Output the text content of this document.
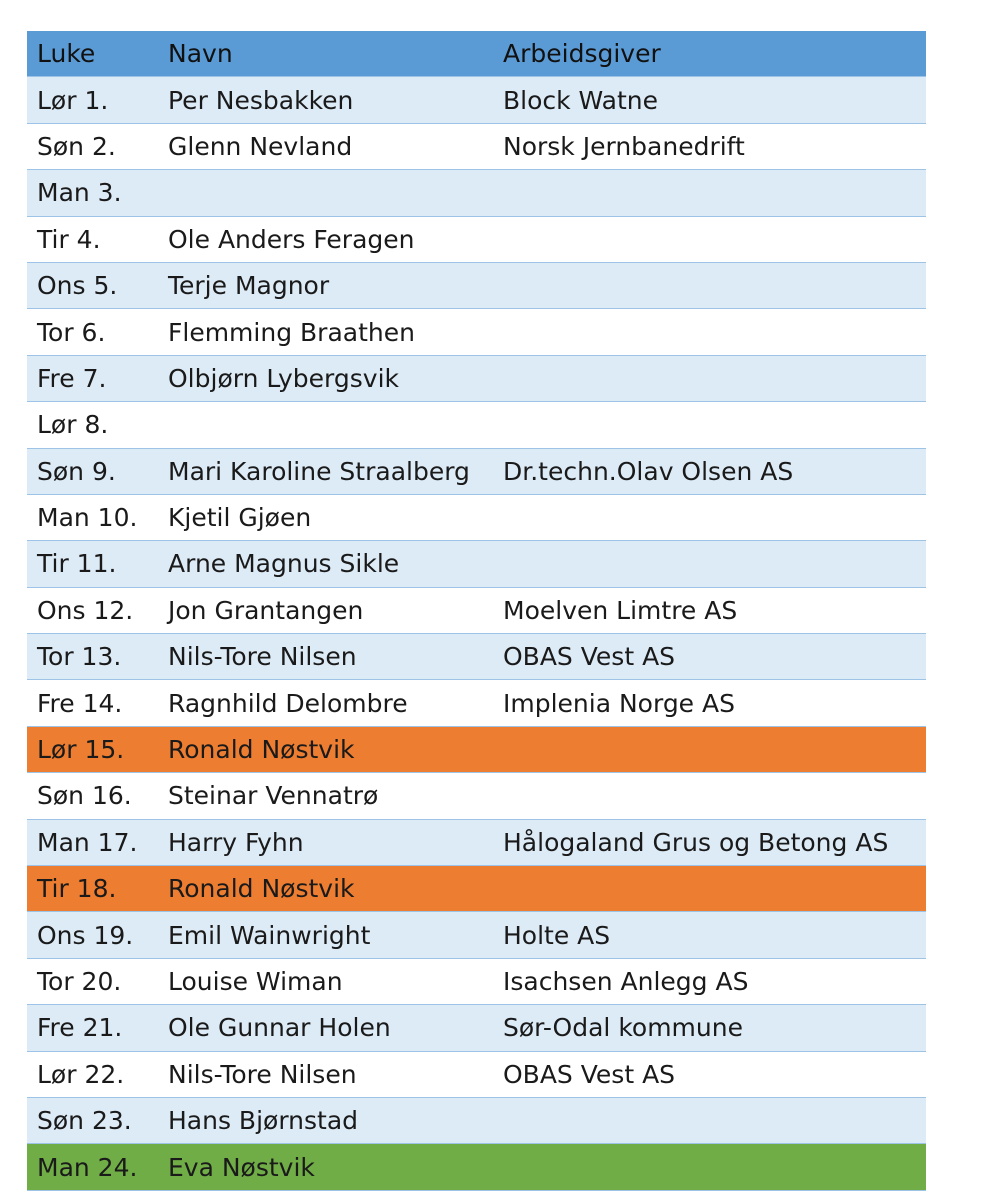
Luke	Navn	Arbeidsgiver
Lør 1.	Per Nesbakken	Block Watne
Søn 2.	Glenn Nevland	Norsk Jernbanedrift
Man 3.
Tir 4.	Ole Anders Feragen
Ons 5.	Terje Magnor
Tor 6.	Flemming Braathen
Fre 7.	Olbjørn Lybergsvik
Lør 8.
Søn 9.	Mari Karoline Straalberg	Dr.techn.Olav Olsen AS
Man 10.	Kjetil Gjøen
Tir 11.	Arne Magnus Sikle
Ons 12.	Jon Grantangen	Moelven Limtre AS
Tor 13.	Nils-Tore Nilsen	OBAS Vest AS
Fre 14.	Ragnhild Delombre	Implenia Norge AS
Lør 15.	Ronald Nøstvik
Søn 16.	Steinar Vennatrø
Man 17.	Harry Fyhn	Hålogaland Grus og Betong AS
Tir 18.	Ronald Nøstvik
Ons 19.	Emil Wainwright	Holte AS
Tor 20.	Louise Wiman	Isachsen Anlegg AS
Fre 21.	Ole Gunnar Holen	Sør-Odal kommune
Lør 22.	Nils-Tore Nilsen	OBAS Vest AS
Søn 23.	Hans Bjørnstad
Man 24.	Eva Nøstvik
